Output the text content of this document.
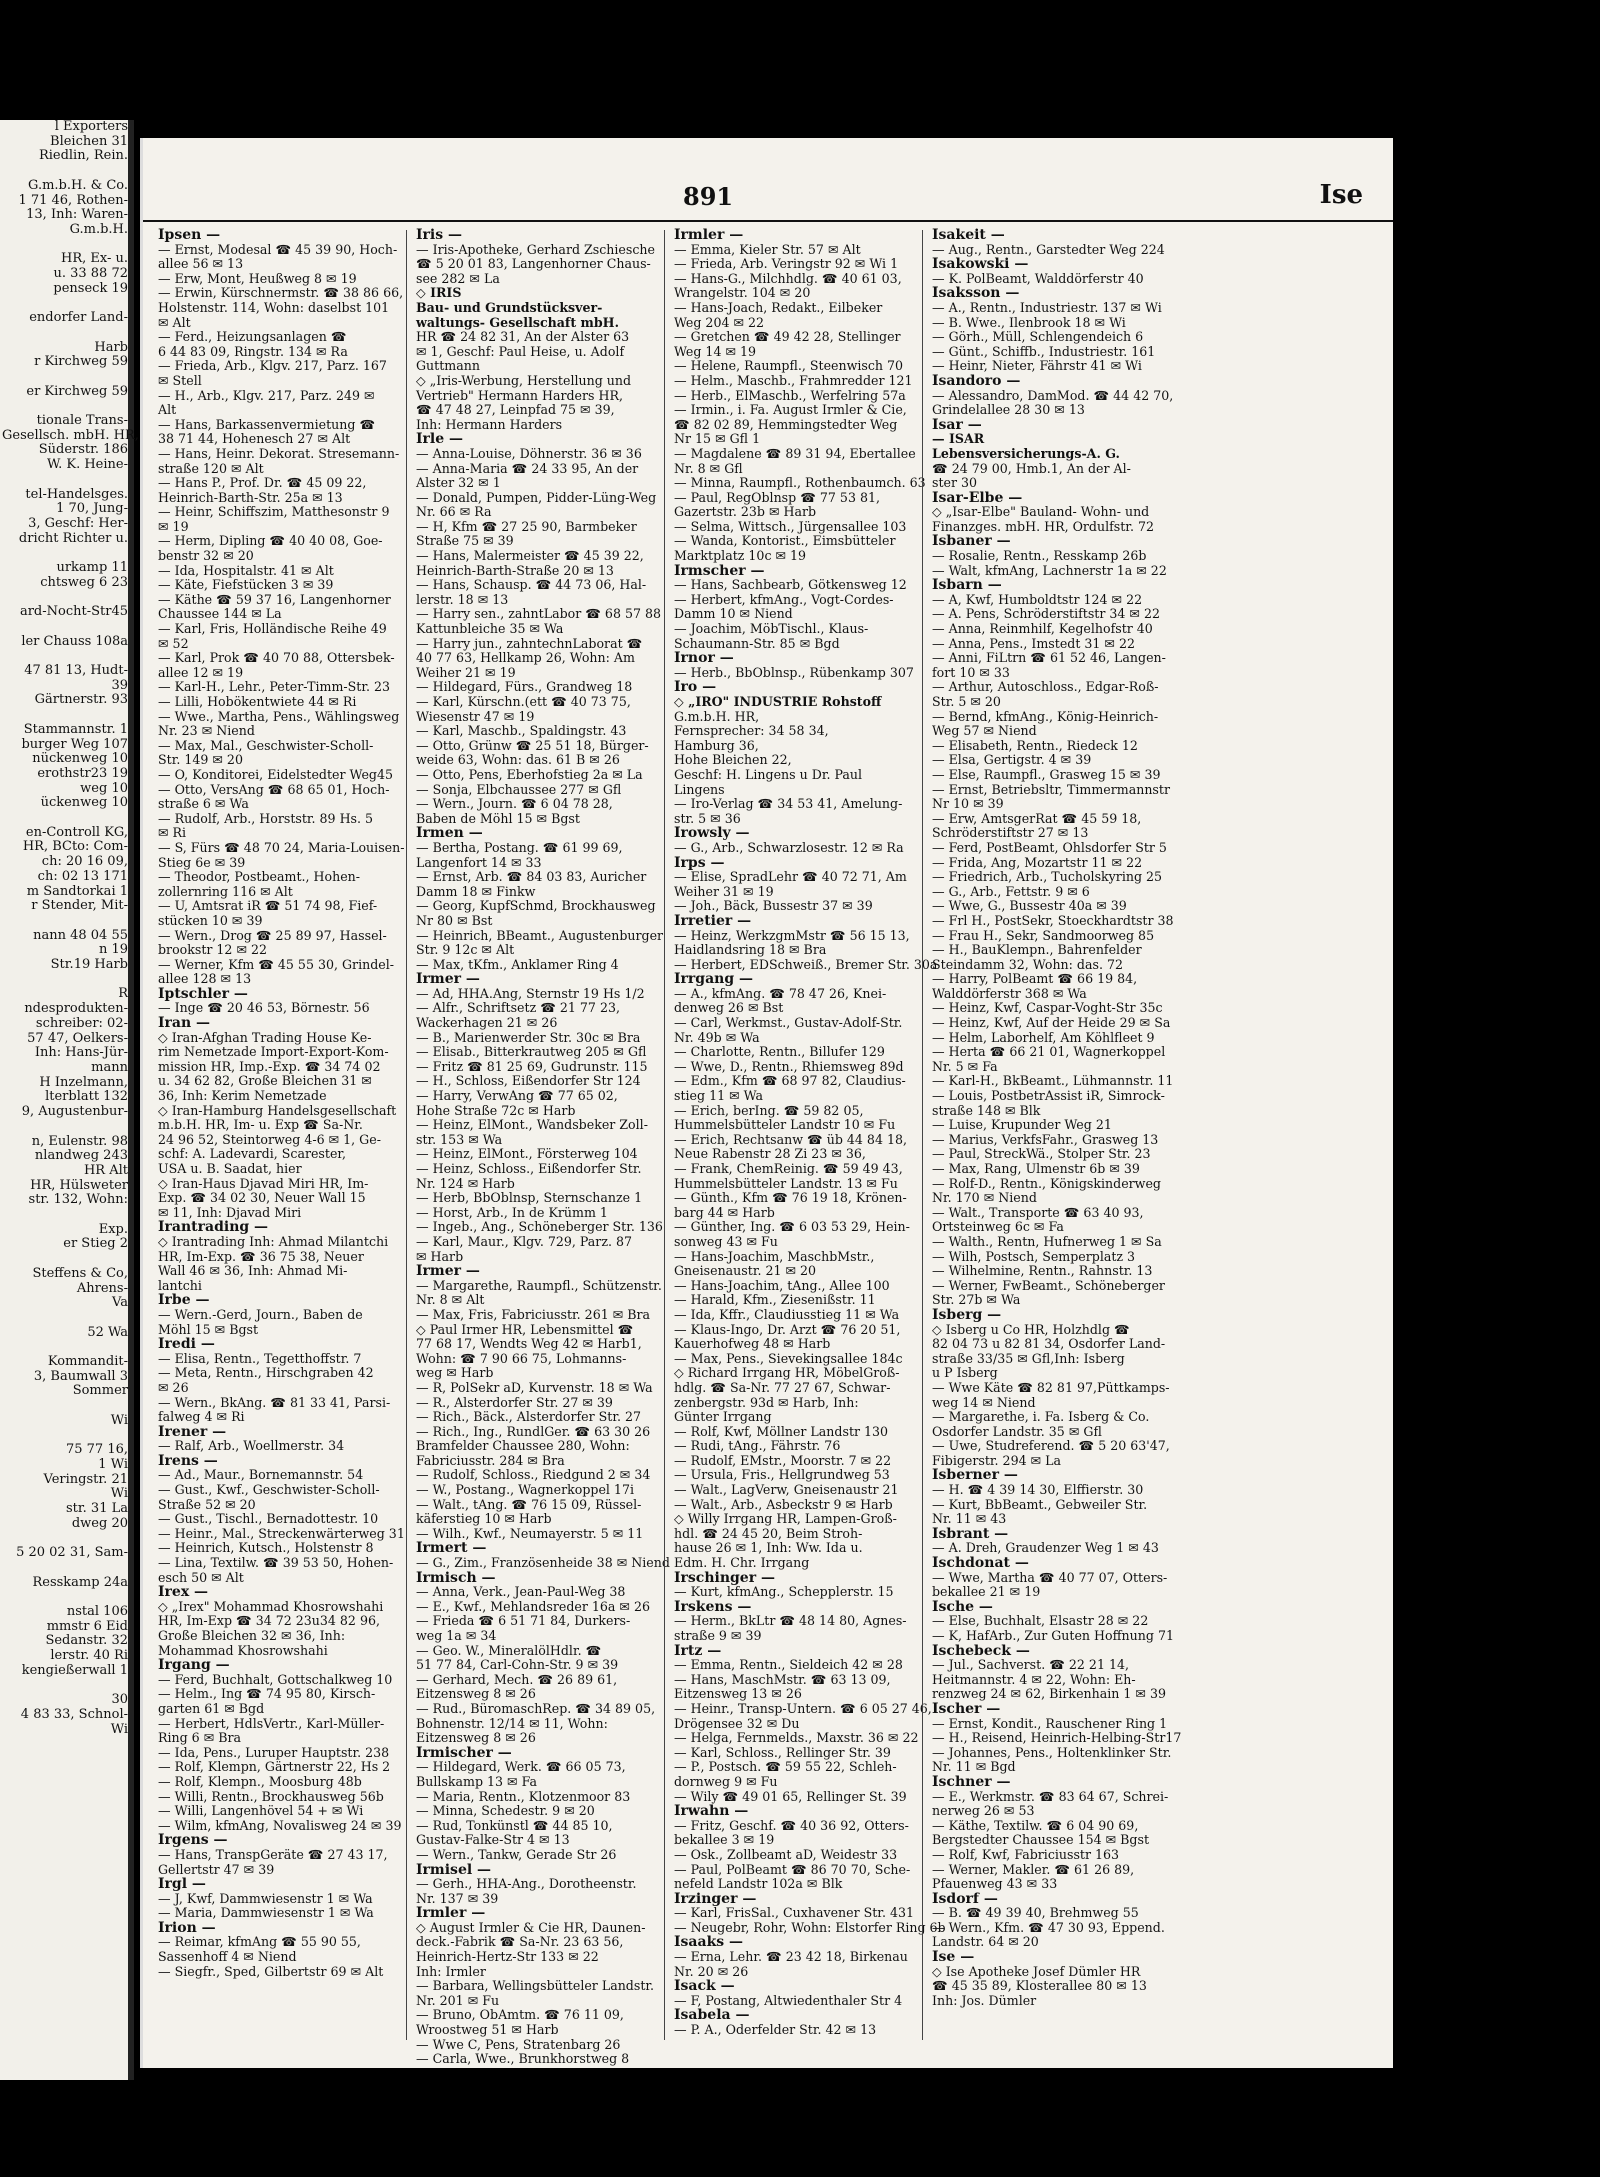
l Exporters
Bleichen 31
Riedlin, Rein.

G.m.b.H. & Co.
1 71 46, Rothen-
13, Inh: Waren-
G.m.b.H.

HR, Ex- u.
u. 33 88 72
penseck 19

endorfer Land-

Harb
r Kirchweg 59

er Kirchweg 59

tionale Trans-
Gesellsch. mbH. HR,
Süderstr. 186
W. K. Heine-

tel-Handelsges.
1 70, Jung-
3, Geschf: Her-
dricht Richter u.

urkamp 11
chtsweg 6 23

ard-Nocht-Str45

ler Chauss 108a

47 81 13, Hudt-
39
Gärtnerstr. 93

Stammannstr. 1
burger Weg 107
nückenweg 10
erothstr23 19
weg 10
ückenweg 10

en-Controll KG,
HR, BCto: Com-
ch: 20 16 09,
ch: 02 13 171
m Sandtorkai 1
r Stender, Mit-

nann 48 04 55
n 19
Str.19 Harb

R
ndesprodukten-
schreiber: 02-
57 47, Oelkers-
Inh: Hans-Jür-
mann
H Inzelmann,
lterblatt 132
9, Augustenbur-

n, Eulenstr. 98
nlandweg 243
HR Alt
HR, Hülsweter
str. 132, Wohn:

Exp.
er Stieg 2

Steffens & Co,
Ahrens-
Va

52 Wa

Kommandit-
3, Baumwall 3
Sommer

Wi

75 77 16,
1 Wi
Veringstr. 21
Wi
str. 31 La
dweg 20

5 20 02 31, Sam-

Resskamp 24a

nstal 106
mmstr 6 Eid
Sedanstr. 32
lerstr. 40 Ri
kengießerwall 1

30
4 83 33, Schnol-
Wi
891	Ise
Ipsen —
— Ernst, Modesal ☎ 45 39 90, Hoch-
allee 56 ✉ 13
— Erw, Mont, Heußweg 8 ✉ 19
— Erwin, Kürschnermstr. ☎ 38 86 66,
Holstenstr. 114, Wohn: daselbst 101
✉ Alt
— Ferd., Heizungsanlagen ☎
6 44 83 09, Ringstr. 134 ✉ Ra
— Frieda, Arb., Klgv. 217, Parz. 167
✉ Stell
— H., Arb., Klgv. 217, Parz. 249 ✉
Alt
— Hans, Barkassenvermietung ☎
38 71 44, Hohenesch 27 ✉ Alt
— Hans, Heinr. Dekorat. Stresemann-
straße 120 ✉ Alt
— Hans P., Prof. Dr. ☎ 45 09 22,
Heinrich-Barth-Str. 25a ✉ 13
— Heinr, Schiffszim, Matthesonstr 9
✉ 19
— Herm, Dipling ☎ 40 40 08, Goe-
benstr 32 ✉ 20
— Ida, Hospitalstr. 41 ✉ Alt
— Käte, Fiefstücken 3 ✉ 39
— Käthe ☎ 59 37 16, Langenhorner
Chaussee 144 ✉ La
— Karl, Fris, Holländische Reihe 49
✉ 52
— Karl, Prok ☎ 40 70 88, Ottersbek-
allee 12 ✉ 19
— Karl-H., Lehr., Peter-Timm-Str. 23
— Lilli, Hobökentwiete 44 ✉ Ri
— Wwe., Martha, Pens., Wählingsweg
Nr. 23 ✉ Niend
— Max, Mal., Geschwister-Scholl-
Str. 149 ✉ 20
— O, Konditorei, Eidelstedter Weg45
— Otto, VersAng ☎ 68 65 01, Hoch-
straße 6 ✉ Wa
— Rudolf, Arb., Horststr. 89 Hs. 5
✉ Ri
— S, Fürs ☎ 48 70 24, Maria-Louisen-
Stieg 6e ✉ 39
— Theodor, Postbeamt., Hohen-
zollernring 116 ✉ Alt
— U, Amtsrat iR ☎ 51 74 98, Fief-
stücken 10 ✉ 39
— Wern., Drog ☎ 25 89 97, Hassel-
brookstr 12 ✉ 22
— Werner, Kfm ☎ 45 55 30, Grindel-
allee 128 ✉ 13
Iptschler —
— Inge ☎ 20 46 53, Börnestr. 56
Iran —
◇ Iran-Afghan Trading House Ke-
rim Nemetzade Import-Export-Kom-
mission HR, Imp.-Exp. ☎ 34 74 02
u. 34 62 82, Große Bleichen 31 ✉
36, Inh: Kerim Nemetzade
◇ Iran-Hamburg Handelsgesellschaft
m.b.H. HR, Im- u. Exp ☎ Sa-Nr.
24 96 52, Steintorweg 4-6 ✉ 1, Ge-
schf: A. Ladevardi, Scarester,
USA u. B. Saadat, hier
◇ Iran-Haus Djavad Miri HR, Im-
Exp. ☎ 34 02 30, Neuer Wall 15
✉ 11, Inh: Djavad Miri
Irantrading —
◇ Irantrading Inh: Ahmad Milantchi
HR, Im-Exp. ☎ 36 75 38, Neuer
Wall 46 ✉ 36, Inh: Ahmad Mi-
lantchi
Irbe —
— Wern.-Gerd, Journ., Baben de
Möhl 15 ✉ Bgst
Iredi —
— Elisa, Rentn., Tegetthoffstr. 7
— Meta, Rentn., Hirschgraben 42
✉ 26
— Wern., BkAng. ☎ 81 33 41, Parsi-
falweg 4 ✉ Ri
Irener —
— Ralf, Arb., Woellmerstr. 34
Irens —
— Ad., Maur., Bornemannstr. 54
— Gust., Kwf., Geschwister-Scholl-
Straße 52 ✉ 20
— Gust., Tischl., Bernadottestr. 10
— Heinr., Mal., Streckenwärterweg 31
— Heinrich, Kutsch., Holstenstr 8
— Lina, Textilw. ☎ 39 53 50, Hohen-
esch 50 ✉ Alt
Irex —
◇ „Irex" Mohammad Khosrowshahi
HR, Im-Exp ☎ 34 72 23u34 82 96,
Große Bleichen 32 ✉ 36, Inh:
Mohammad Khosrowshahi
Irgang —
— Ferd, Buchhalt, Gottschalkweg 10
— Helm., Ing ☎ 74 95 80, Kirsch-
garten 61 ✉ Bgd
— Herbert, HdlsVertr., Karl-Müller-
Ring 6 ✉ Bra
— Ida, Pens., Luruper Hauptstr. 238
— Rolf, Klempn, Gärtnerstr 22, Hs 2
— Rolf, Klempn., Moosburg 48b
— Willi, Rentn., Brockhausweg 56b
— Willi, Langenhövel 54 + ✉ Wi
— Wilm, kfmAng, Novalisweg 24 ✉ 39
Irgens —
— Hans, TranspGeräte ☎ 27 43 17,
Gellertstr 47 ✉ 39
Irgl —
— J, Kwf, Dammwiesenstr 1 ✉ Wa
— Maria, Dammwiesenstr 1 ✉ Wa
Irion —
— Reimar, kfmAng ☎ 55 90 55,
Sassenhoff 4 ✉ Niend
— Siegfr., Sped, Gilbertstr 69 ✉ Alt
Iris —
— Iris-Apotheke, Gerhard Zschiesche
☎ 5 20 01 83, Langenhorner Chaus-
see 282 ✉ La
◇ IRIS
Bau- und Grundstücksver-
waltungs- Gesellschaft mbH.
HR ☎ 24 82 31, An der Alster 63
✉ 1, Geschf: Paul Heise, u. Adolf
Guttmann
◇ „Iris-Werbung, Herstellung und
Vertrieb" Hermann Harders HR,
☎ 47 48 27, Leinpfad 75 ✉ 39,
Inh: Hermann Harders
Irle —
— Anna-Louise, Döhnerstr. 36 ✉ 36
— Anna-Maria ☎ 24 33 95, An der
Alster 32 ✉ 1
— Donald, Pumpen, Pidder-Lüng-Weg
Nr. 66 ✉ Ra
— H, Kfm ☎ 27 25 90, Barmbeker
Straße 75 ✉ 39
— Hans, Malermeister ☎ 45 39 22,
Heinrich-Barth-Straße 20 ✉ 13
— Hans, Schausp. ☎ 44 73 06, Hal-
lerstr. 18 ✉ 13
— Harry sen., zahntLabor ☎ 68 57 88
Kattunbleiche 35 ✉ Wa
— Harry jun., zahntechnLaborat ☎
40 77 63, Hellkamp 26, Wohn: Am
Weiher 21 ✉ 19
— Hildegard, Fürs., Grandweg 18
— Karl, Kürschn.(ett ☎ 40 73 75,
Wiesenstr 47 ✉ 19
— Karl, Maschb., Spaldingstr. 43
— Otto, Grünw ☎ 25 51 18, Bürger-
weide 63, Wohn: das. 61 B ✉ 26
— Otto, Pens, Eberhofstieg 2a ✉ La
— Sonja, Elbchaussee 277 ✉ Gfl
— Wern., Journ. ☎ 6 04 78 28,
Baben de Möhl 15 ✉ Bgst
Irmen —
— Bertha, Postang. ☎ 61 99 69,
Langenfort 14 ✉ 33
— Ernst, Arb. ☎ 84 03 83, Auricher
Damm 18 ✉ Finkw
— Georg, KupfSchmd, Brockhausweg
Nr 80 ✉ Bst
— Heinrich, BBeamt., Augustenburger
Str. 9 12c ✉ Alt
— Max, tKfm., Anklamer Ring 4
Irmer —
— Ad, HHA.Ang, Sternstr 19 Hs 1/2
— Alfr., Schriftsetz ☎ 21 77 23,
Wackerhagen 21 ✉ 26
— B., Marienwerder Str. 30c ✉ Bra
— Elisab., Bitterkrautweg 205 ✉ Gfl
— Fritz ☎ 81 25 69, Gudrunstr. 115
— H., Schloss, Eißendorfer Str 124
— Harry, VerwAng ☎ 77 65 02,
Hohe Straße 72c ✉ Harb
— Heinz, ElMont., Wandsbeker Zoll-
str. 153 ✉ Wa
— Heinz, ElMont., Försterweg 104
— Heinz, Schloss., Eißendorfer Str.
Nr. 124 ✉ Harb
— Herb, BbOblnsp, Sternschanze 1
— Horst, Arb., In de Krümm 1
— Ingeb., Ang., Schöneberger Str. 136
— Karl, Maur., Klgv. 729, Parz. 87
✉ Harb
Irmer —
— Margarethe, Raumpfl., Schützenstr.
Nr. 8 ✉ Alt
— Max, Fris, Fabriciusstr. 261 ✉ Bra
◇ Paul Irmer HR, Lebensmittel ☎
77 68 17, Wendts Weg 42 ✉ Harb1,
Wohn: ☎ 7 90 66 75, Lohmanns-
weg ✉ Harb
— R, PolSekr aD, Kurvenstr. 18 ✉ Wa
— R., Alsterdorfer Str. 27 ✉ 39
— Rich., Bäck., Alsterdorfer Str. 27
— Rich., Ing., RundlGer. ☎ 63 30 26
Bramfelder Chaussee 280, Wohn:
Fabriciusstr. 284 ✉ Bra
— Rudolf, Schloss., Riedgund 2 ✉ 34
— W., Postang., Wagnerkoppel 17i
— Walt., tAng. ☎ 76 15 09, Rüssel-
käferstieg 10 ✉ Harb
— Wilh., Kwf., Neumayerstr. 5 ✉ 11
Irmert —
— G., Zim., Französenheide 38 ✉ Niend
Irmisch —
— Anna, Verk., Jean-Paul-Weg 38
— E., Kwf., Mehlandsreder 16a ✉ 26
— Frieda ☎ 6 51 71 84, Durkers-
weg 1a ✉ 34
— Geo. W., MineralölHdlr. ☎
51 77 84, Carl-Cohn-Str. 9 ✉ 39
— Gerhard, Mech. ☎ 26 89 61,
Eitzensweg 8 ✉ 26
— Rud., BüromaschRep. ☎ 34 89 05,
Bohnenstr. 12/14 ✉ 11, Wohn:
Eitzensweg 8 ✉ 26
Irmischer —
— Hildegard, Werk. ☎ 66 05 73,
Bullskamp 13 ✉ Fa
— Maria, Rentn., Klotzenmoor 83
— Minna, Schedestr. 9 ✉ 20
— Rud, Tonkünstl ☎ 44 85 10,
Gustav-Falke-Str 4 ✉ 13
— Wern., Tankw, Gerade Str 26
Irmisel —
— Gerh., HHA-Ang., Dorotheenstr.
Nr. 137 ✉ 39
Irmler —
◇ August Irmler & Cie HR, Daunen-
deck.-Fabrik ☎ Sa-Nr. 23 63 56,
Heinrich-Hertz-Str 133 ✉ 22
Inh: Irmler
— Barbara, Wellingsbütteler Landstr.
Nr. 201 ✉ Fu
— Bruno, ObAmtm. ☎ 76 11 09,
Wroostweg 51 ✉ Harb
— Wwe C, Pens, Stratenbarg 26
— Carla, Wwe., Brunkhorstweg 8
Irmler —
— Emma, Kieler Str. 57 ✉ Alt
— Frieda, Arb. Veringstr 92 ✉ Wi 1
— Hans-G., Milchhdlg. ☎ 40 61 03,
Wrangelstr. 104 ✉ 20
— Hans-Joach, Redakt., Eilbeker
Weg 204 ✉ 22
— Gretchen ☎ 49 42 28, Stellinger
Weg 14 ✉ 19
— Helene, Raumpfl., Steenwisch 70
— Helm., Maschb., Frahmredder 121
— Herb., ElMaschb., Werfelring 57a
— Irmin., i. Fa. August Irmler & Cie,
☎ 82 02 89, Hemmingstedter Weg
Nr 15 ✉ Gfl 1
— Magdalene ☎ 89 31 94, Ebertallee
Nr. 8 ✉ Gfl
— Minna, Raumpfl., Rothenbaumch. 63
— Paul, RegOblnsp ☎ 77 53 81,
Gazertstr. 23b ✉ Harb
— Selma, Wittsch., Jürgensallee 103
— Wanda, Kontorist., Eimsbütteler
Marktplatz 10c ✉ 19
Irmscher —
— Hans, Sachbearb, Götkensweg 12
— Herbert, kfmAng., Vogt-Cordes-
Damm 10 ✉ Niend
— Joachim, MöbTischl., Klaus-
Schaumann-Str. 85 ✉ Bgd
Irnor —
— Herb., BbOblnsp., Rübenkamp 307
Iro —
◇ „IRO" INDUSTRIE Rohstoff
G.m.b.H. HR,
Fernsprecher: 34 58 34,
Hamburg 36,
Hohe Bleichen 22,
Geschf: H. Lingens u Dr. Paul
Lingens
— Iro-Verlag ☎ 34 53 41, Amelung-
str. 5 ✉ 36
Irowsly —
— G., Arb., Schwarzlosestr. 12 ✉ Ra
Irps —
— Elise, SpradLehr ☎ 40 72 71, Am
Weiher 31 ✉ 19
— Joh., Bäck, Bussestr 37 ✉ 39
Irretier —
— Heinz, WerkzgmMstr ☎ 56 15 13,
Haidlandsring 18 ✉ Bra
— Herbert, EDSchweiß., Bremer Str. 30a
Irrgang —
— A., kfmAng. ☎ 78 47 26, Knei-
denweg 26 ✉ Bst
— Carl, Werkmst., Gustav-Adolf-Str.
Nr. 49b ✉ Wa
— Charlotte, Rentn., Billufer 129
— Wwe, D., Rentn., Rhiemsweg 89d
— Edm., Kfm ☎ 68 97 82, Claudius-
stieg 11 ✉ Wa
— Erich, berIng. ☎ 59 82 05,
Hummelsbütteler Landstr 10 ✉ Fu
— Erich, Rechtsanw ☎ üb 44 84 18,
Neue Rabenstr 28 Zi 23 ✉ 36,
— Frank, ChemReinig. ☎ 59 49 43,
Hummelsbütteler Landstr. 13 ✉ Fu
— Günth., Kfm ☎ 76 19 18, Krönen-
barg 44 ✉ Harb
— Günther, Ing. ☎ 6 03 53 29, Hein-
sonweg 43 ✉ Fu
— Hans-Joachim, MaschbMstr.,
Gneisenaustr. 21 ✉ 20
— Hans-Joachim, tAng., Allee 100
— Harald, Kfm., Ziesenißstr. 11
— Ida, Kffr., Claudiusstieg 11 ✉ Wa
— Klaus-Ingo, Dr. Arzt ☎ 76 20 51,
Kauerhofweg 48 ✉ Harb
— Max, Pens., Sievekingsallee 184c
◇ Richard Irrgang HR, MöbelGroß-
hdlg. ☎ Sa-Nr. 77 27 67, Schwar-
zenbergstr. 93d ✉ Harb, Inh:
Günter Irrgang
— Rolf, Kwf, Möllner Landstr 130
— Rudi, tAng., Fährstr. 76
— Rudolf, EMstr., Moorstr. 7 ✉ 22
— Ursula, Fris., Hellgrundweg 53
— Walt., LagVerw, Gneisenaustr 21
— Walt., Arb., Asbeckstr 9 ✉ Harb
◇ Willy Irrgang HR, Lampen-Groß-
hdl. ☎ 24 45 20, Beim Stroh-
hause 26 ✉ 1, Inh: Ww. Ida u.
Edm. H. Chr. Irrgang
Irschinger —
— Kurt, kfmAng., Schepplerstr. 15
Irskens —
— Herm., BkLtr ☎ 48 14 80, Agnes-
straße 9 ✉ 39
Irtz —
— Emma, Rentn., Sieldeich 42 ✉ 28
— Hans, MaschMstr. ☎ 63 13 09,
Eitzensweg 13 ✉ 26
— Heinr., Transp-Untern. ☎ 6 05 27 46,
Drögensee 32 ✉ Du
— Helga, Fernmelds., Maxstr. 36 ✉ 22
— Karl, Schloss., Rellinger Str. 39
— P., Postsch. ☎ 59 55 22, Schleh-
dornweg 9 ✉ Fu
— Wily ☎ 49 01 65, Rellinger St. 39
Irwahn —
— Fritz, Geschf. ☎ 40 36 92, Otters-
bekallee 3 ✉ 19
— Osk., Zollbeamt aD, Weidestr 33
— Paul, PolBeamt ☎ 86 70 70, Sche-
nefeld Landstr 102a ✉ Blk
Irzinger —
— Karl, FrisSal., Cuxhavener Str. 431
— Neugebr, Rohr, Wohn: Elstorfer Ring 6b
Isaaks —
— Erna, Lehr. ☎ 23 42 18, Birkenau
Nr. 20 ✉ 26
Isack —
— F, Postang, Altwiedenthaler Str 4
Isabela —
— P. A., Oderfelder Str. 42 ✉ 13
Isakeit —
— Aug., Rentn., Garstedter Weg 224
Isakowski —
— K. PolBeamt, Walddörferstr 40
Isaksson —
— A., Rentn., Industriestr. 137 ✉ Wi
— B. Wwe., Ilenbrook 18 ✉ Wi
— Görh., Müll, Schlengendeich 6
— Günt., Schiffb., Industriestr. 161
— Heinr, Nieter, Fährstr 41 ✉ Wi
Isandoro —
— Alessandro, DamMod. ☎ 44 42 70,
Grindelallee 28 30 ✉ 13
Isar —
— ISAR
Lebensversicherungs-A. G.
☎ 24 79 00, Hmb.1, An der Al-
ster 30
Isar-Elbe —
◇ „Isar-Elbe" Bauland- Wohn- und
Finanzges. mbH. HR, Ordulfstr. 72
Isbaner —
— Rosalie, Rentn., Resskamp 26b
— Walt, kfmAng, Lachnerstr 1a ✉ 22
Isbarn —
— A, Kwf, Humboldtstr 124 ✉ 22
— A. Pens, Schröderstiftstr 34 ✉ 22
— Anna, Reinmhilf, Kegelhofstr 40
— Anna, Pens., Imstedt 31 ✉ 22
— Anni, FiLtrn ☎ 61 52 46, Langen-
fort 10 ✉ 33
— Arthur, Autoschloss., Edgar-Roß-
Str. 5 ✉ 20
— Bernd, kfmAng., König-Heinrich-
Weg 57 ✉ Niend
— Elisabeth, Rentn., Riedeck 12
— Elsa, Gertigstr. 4 ✉ 39
— Else, Raumpfl., Grasweg 15 ✉ 39
— Ernst, Betriebsltr, Timmermannstr
Nr 10 ✉ 39
— Erw, AmtsgerRat ☎ 45 59 18,
Schröderstiftstr 27 ✉ 13
— Ferd, PostBeamt, Ohlsdorfer Str 5
— Frida, Ang, Mozartstr 11 ✉ 22
— Friedrich, Arb., Tucholskyring 25
— G., Arb., Fettstr. 9 ✉ 6
— Wwe, G., Bussestr 40a ✉ 39
— Frl H., PostSekr, Stoeckhardtstr 38
— Frau H., Sekr, Sandmoorweg 85
— H., BauKlempn., Bahrenfelder
Steindamm 32, Wohn: das. 72
— Harry, PolBeamt ☎ 66 19 84,
Walddörferstr 368 ✉ Wa
— Heinz, Kwf, Caspar-Voght-Str 35c
— Heinz, Kwf, Auf der Heide 29 ✉ Sa
— Helm, Laborhelf, Am Köhlfleet 9
— Herta ☎ 66 21 01, Wagnerkoppel
Nr. 5 ✉ Fa
— Karl-H., BkBeamt., Lühmannstr. 11
— Louis, PostbetrAssist iR, Simrock-
straße 148 ✉ Blk
— Luise, Krupunder Weg 21
— Marius, VerkfsFahr., Grasweg 13
— Paul, StreckWä., Stolper Str. 23
— Max, Rang, Ulmenstr 6b ✉ 39
— Rolf-D., Rentn., Königskinderweg
Nr. 170 ✉ Niend
— Walt., Transporte ☎ 63 40 93,
Ortsteinweg 6c ✉ Fa
— Walth., Rentn, Hufnerweg 1 ✉ Sa
— Wilh, Postsch, Semperplatz 3
— Wilhelmine, Rentn., Rahnstr. 13
— Werner, FwBeamt., Schöneberger
Str. 27b ✉ Wa
Isberg —
◇ Isberg u Co HR, Holzhdlg ☎
82 04 73 u 82 81 34, Osdorfer Land-
straße 33/35 ✉ Gfl,Inh: Isberg
u P Isberg
— Wwe Käte ☎ 82 81 97,Püttkamps-
weg 14 ✉ Niend
— Margarethe, i. Fa. Isberg & Co.
Osdorfer Landstr. 35 ✉ Gfl
— Uwe, Studreferend. ☎ 5 20 63'47,
Fibigerstr. 294 ✉ La
Isberner —
— H. ☎ 4 39 14 30, Elffierstr. 30
— Kurt, BbBeamt., Gebweiler Str.
Nr. 11 ✉ 43
Isbrant —
— A. Dreh, Graudenzer Weg 1 ✉ 43
Ischdonat —
— Wwe, Martha ☎ 40 77 07, Otters-
bekallee 21 ✉ 19
Ische —
— Else, Buchhalt, Elsastr 28 ✉ 22
— K, HafArb., Zur Guten Hoffnung 71
Ischebeck —
— Jul., Sachverst. ☎ 22 21 14,
Heitmannstr. 4 ✉ 22, Wohn: Eh-
renzweg 24 ✉ 62, Birkenhain 1 ✉ 39
Ischer —
— Ernst, Kondit., Rauschener Ring 1
— H., Reisend, Heinrich-Helbing-Str17
— Johannes, Pens., Holtenklinker Str.
Nr. 11 ✉ Bgd
Ischner —
— E., Werkmstr. ☎ 83 64 67, Schrei-
nerweg 26 ✉ 53
— Käthe, Textilw. ☎ 6 04 90 69,
Bergstedter Chaussee 154 ✉ Bgst
— Rolf, Kwf, Fabriciusstr 163
— Werner, Makler. ☎ 61 26 89,
Pfauenweg 43 ✉ 33
Isdorf —
— B. ☎ 49 39 40, Brehmweg 55
— Wern., Kfm. ☎ 47 30 93, Eppend.
Landstr. 64 ✉ 20
Ise —
◇ Ise Apotheke Josef Dümler HR
☎ 45 35 89, Klosterallee 80 ✉ 13
Inh: Jos. Dümler
